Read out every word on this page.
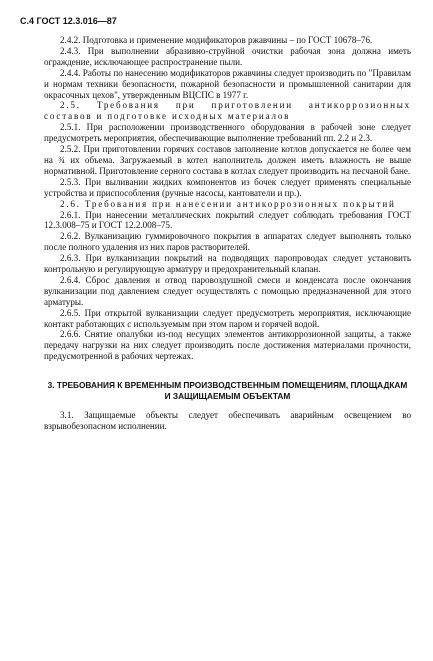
С.4 ГОСТ 12.3.016—87

2.4.2. Подготовка и применение модификаторов ржавчины – по ГОСТ 10678–76.

2.4.3. При выполнении абразивно-струйной очистки рабочая зона должна иметь ограждение, исключающее распространение пыли.

2.4.4. Работы по нанесению модификаторов ржавчины следует производить по "Правилам и нормам техники безопасности, пожарной безопасности и промышленной санитарии для окрасочных цехов", утвержденным ВЦСПС в 1977 г.

2.5. Требования при приготовлении антикоррозионных составов и подготовке исходных материалов

2.5.1. При расположении производственного оборудования в рабочей зоне следует предусмотреть мероприятия, обеспечивающие выполнение требований пп. 2.2 и 2.3.

2.5.2. При приготовлении горячих составов заполнение котлов допускается не более чем на ¾ их объема. Загружаемый в котел наполнитель должен иметь влажность не выше нормативной. Приготовление серного состава в котлах следует производить на песчаной бане.

2.5.3. При выливании жидких компонентов из бочек следует применять специальные устройства и приспособления (ручные насосы, кантователи и пр.).

2.6. Требования при нанесении антикоррозионных покрытий

2.6.1. При нанесении металлических покрытий следует соблюдать требования ГОСТ 12.3.008–75 и ГОСТ 12.2.008–75.

2.6.2. Вулканизацию гуммировочного покрытия в аппаратах следует выполнять только после полного удаления из них паров растворителей.

2.6.3. При вулканизации покрытий на подводящих паропроводах следует установить контрольную и регулирующую арматуру и предохранительный клапан.

2.6.4. Сброс давления и отвод паровоздушной смеси и конденсата после окончания вулканизации под давлением следует осуществлять с помощью предназначенной для этого арматуры.

2.6.5. При открытой вулканизации следует предусмотреть мероприятия, исключающие контакт работающих с используемым при этом паром и горячей водой.

2.6.6. Снятие опалубки из-под несущих элементов антикоррозионной защиты, а также передачу нагрузки на них следует производить после достижения материалами прочности, предусмотренной в рабочих чертежах.

3. ТРЕБОВАНИЯ К ВРЕМЕННЫМ ПРОИЗВОДСТВЕННЫМ ПОМЕЩЕНИЯМ, ПЛОЩАДКАМ И ЗАЩИЩАЕМЫМ ОБЪЕКТАМ

3.1. Защищаемые объекты следует обеспечивать аварийным освещением во взрывобезопасном исполнении.
